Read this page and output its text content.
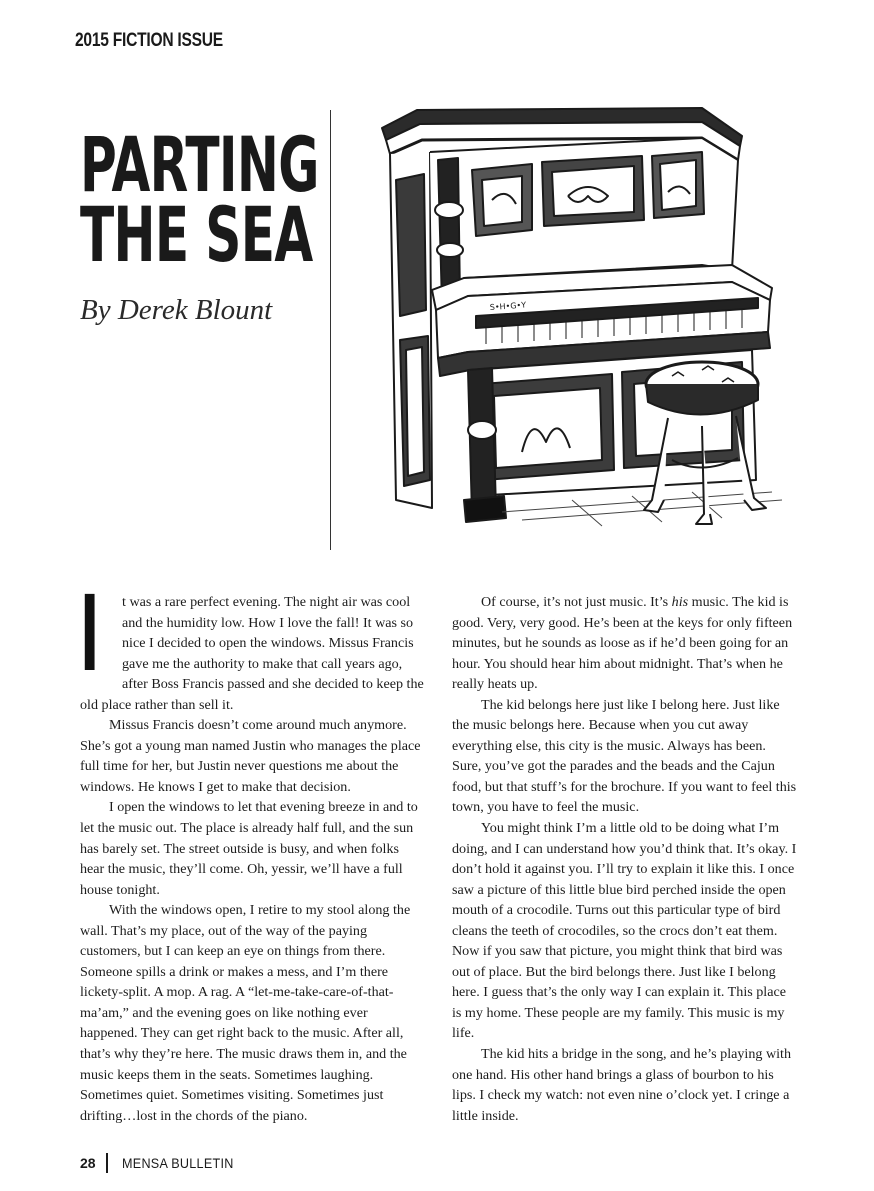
2015 FICTION ISSUE
PARTING
THE SEA
By Derek Blount	S•H•G•Y

I t was a rare perfect evening. The night air was cool and the humidity low. How I love the fall! It was so nice I decided to open the windows. Missus Francis gave me the authority to make that call years ago, after Boss Francis passed and she decided to keep the old place rather than sell it.

Missus Francis doesn’t come around much anymore. She’s got a young man named Justin who manages the place full time for her, but Justin never questions me about the windows. He knows I get to make that decision.

I open the windows to let that evening breeze in and to let the music out. The place is already half full, and the sun has barely set. The street outside is busy, and when folks hear the music, they’ll come. Oh, yessir, we’ll have a full house tonight.

With the windows open, I retire to my stool along the wall. That’s my place, out of the way of the paying customers, but I can keep an eye on things from there. Someone spills a drink or makes a mess, and I’m there lickety-split. A mop. A rag. A “let-me-take-care-of-that-ma’am,” and the evening goes on like nothing ever happened. They can get right back to the music. After all, that’s why they’re here. The music draws them in, and the music keeps them in the seats. Sometimes laughing. Sometimes quiet. Sometimes visiting. Sometimes just drifting…lost in the chords of the piano.

Of course, it’s not just music. It’s his music. The kid is good. Very, very good. He’s been at the keys for only fifteen minutes, but he sounds as loose as if he’d been going for an hour. You should hear him about midnight. That’s when he really heats up.

The kid belongs here just like I belong here. Just like the music belongs here. Because when you cut away everything else, this city is the music. Always has been. Sure, you’ve got the parades and the beads and the Cajun food, but that stuff’s for the brochure. If you want to feel this town, you have to feel the music.

You might think I’m a little old to be doing what I’m doing, and I can understand how you’d think that. It’s okay. I don’t hold it against you. I’ll try to explain it like this. I once saw a picture of this little blue bird perched inside the open mouth of a crocodile. Turns out this particular type of bird cleans the teeth of crocodiles, so the crocs don’t eat them. Now if you saw that picture, you might think that bird was out of place. But the bird belongs there. Just like I belong here. I guess that’s the only way I can explain it. This place is my home. These people are my family. This music is my life.

The kid hits a bridge in the song, and he’s playing with one hand. His other hand brings a glass of bourbon to his lips. I check my watch: not even nine o’clock yet. I cringe a little inside.

28 MENSA BULLETIN
